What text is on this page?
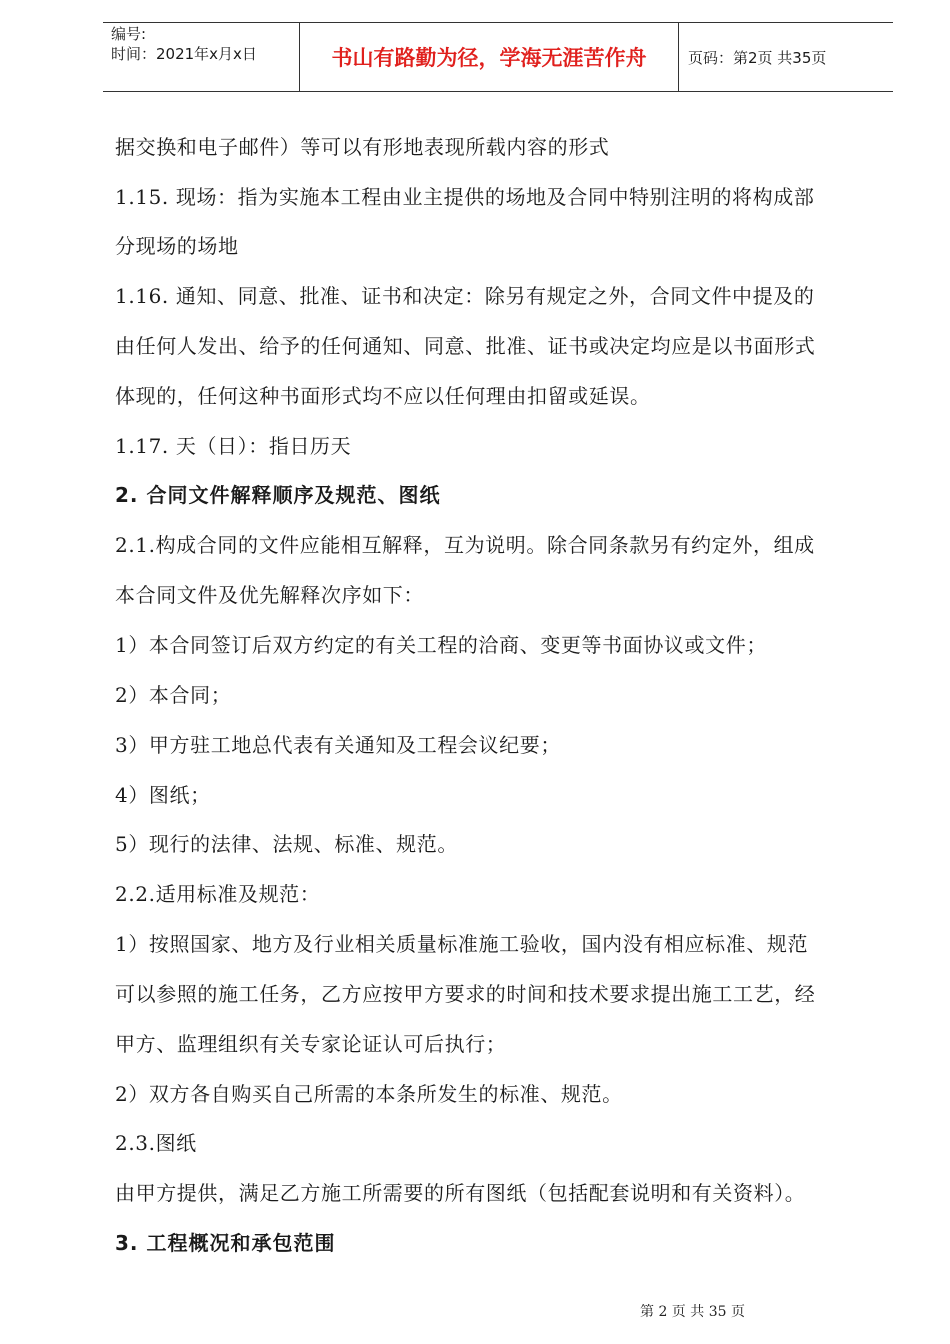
编号:
时间：2021年x月x日	书山有路勤为径，学海无涯苦作舟	页码：第2页 共35页
据交换和电子邮件）等可以有形地表现所载内容的形式
1.15. 现场：指为实施本工程由业主提供的场地及合同中特别注明的将构成部
分现场的场地
1.16. 通知、同意、批准、证书和决定：除另有规定之外，合同文件中提及的
由任何人发出、给予的任何通知、同意、批准、证书或决定均应是以书面形式
体现的，任何这种书面形式均不应以任何理由扣留或延误。
1.17. 天（日）：指日历天
2. 合同文件解释顺序及规范、图纸
2.1.构成合同的文件应能相互解释，互为说明。除合同条款另有约定外，组成
本合同文件及优先解释次序如下：
1）本合同签订后双方约定的有关工程的洽商、变更等书面协议或文件；
2）本合同；
3）甲方驻工地总代表有关通知及工程会议纪要；
4）图纸；
5）现行的法律、法规、标准、规范。
2.2.适用标准及规范：
1）按照国家、地方及行业相关质量标准施工验收，国内没有相应标准、规范
可以参照的施工任务，乙方应按甲方要求的时间和技术要求提出施工工艺，经
甲方、监理组织有关专家论证认可后执行；
2）双方各自购买自己所需的本条所发生的标准、规范。
2.3.图纸
由甲方提供，满足乙方施工所需要的所有图纸（包括配套说明和有关资料）。
3. 工程概况和承包范围
第 2 页 共 35 页
